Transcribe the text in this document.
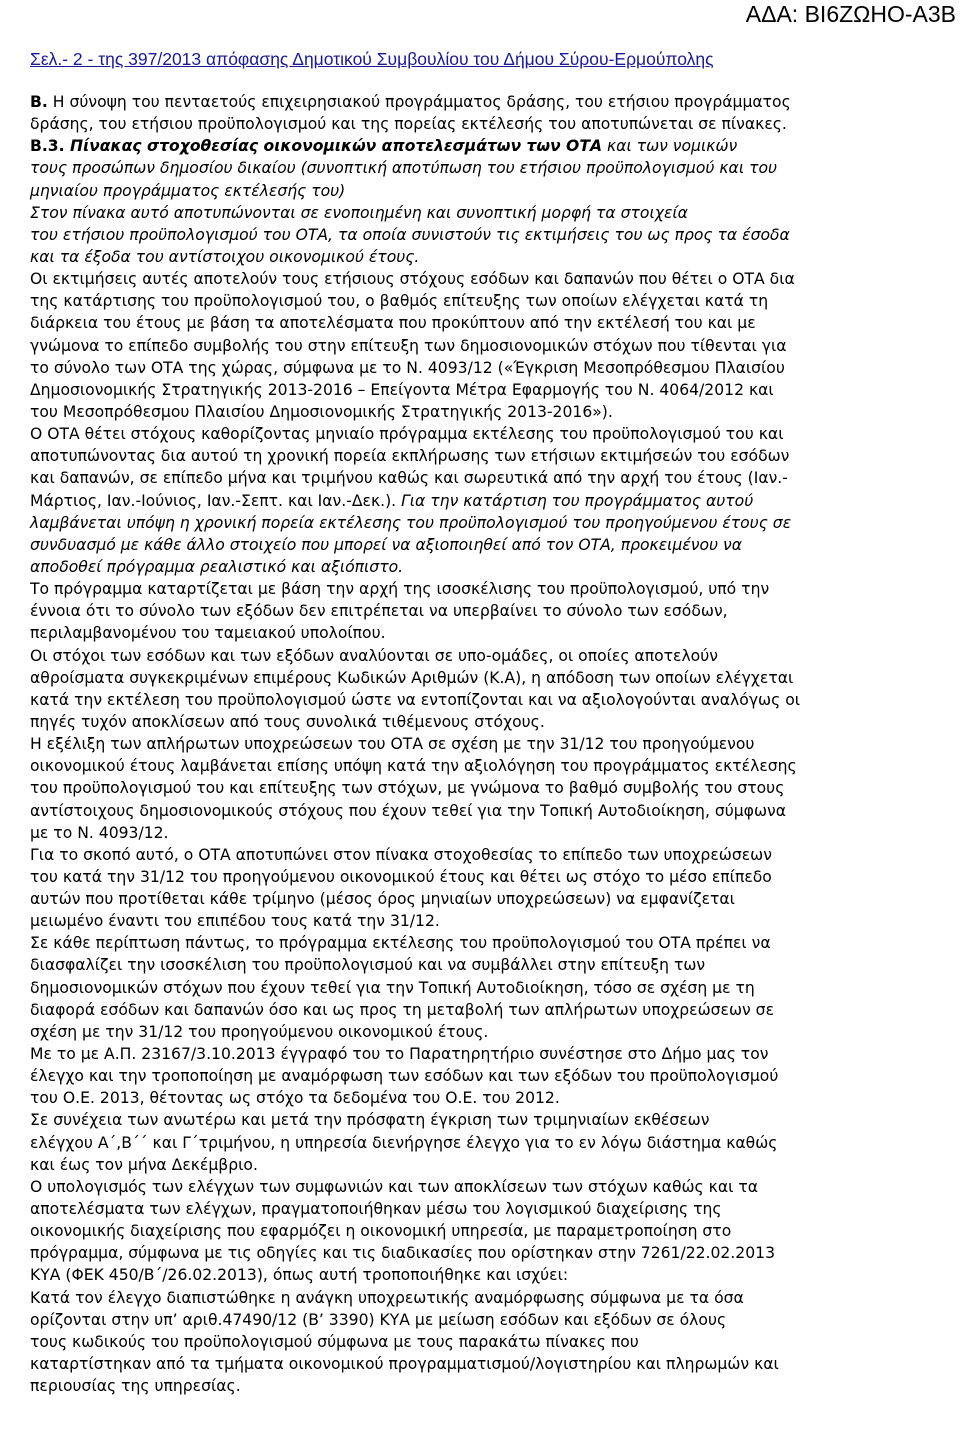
ΑΔΑ: ΒΙ6ΖΩΗΟ-Α3Β
Σελ.- 2 - της 397/2013 απόφασης Δημοτικού Συμβουλίου του Δήμου Σύρου-Ερμούπολης
Β. Η σύνοψη του πενταετούς επιχειρησιακού προγράμματος δράσης, του ετήσιου προγράμματος
δράσης, του ετήσιου προϋπολογισμού και της πορείας εκτέλεσής του αποτυπώνεται σε πίνακες.
Β.3. Πίνακας στοχοθεσίας οικονομικών αποτελεσμάτων των ΟΤΑ και των νομικών
τους προσώπων δημοσίου δικαίου (συνοπτική αποτύπωση του ετήσιου προϋπολογισμού και του
μηνιαίου προγράμματος εκτέλεσής του)
Στον πίνακα αυτό αποτυπώνονται σε ενοποιημένη και συνοπτική μορφή τα στοιχεία
του ετήσιου προϋπολογισμού του ΟΤΑ, τα οποία συνιστούν τις εκτιμήσεις του ως προς τα έσοδα
και τα έξοδα του αντίστοιχου οικονομικού έτους.
Οι εκτιμήσεις αυτές αποτελούν τους ετήσιους στόχους εσόδων και δαπανών που θέτει ο ΟΤΑ δια
της κατάρτισης του προϋπολογισμού του, ο βαθμός επίτευξης των οποίων ελέγχεται κατά τη
διάρκεια του έτους με βάση τα αποτελέσματα που προκύπτουν από την εκτέλεσή του και με
γνώμονα το επίπεδο συμβολής του στην επίτευξη των δημοσιονομικών στόχων που τίθενται για
το σύνολο των ΟΤΑ της χώρας, σύμφωνα με το Ν. 4093/12 («Έγκριση Μεσοπρόθεσμου Πλαισίου
Δημοσιονομικής Στρατηγικής 2013-2016 – Επείγοντα Μέτρα Εφαρμογής του Ν. 4064/2012 και
του Μεσοπρόθεσμου Πλαισίου Δημοσιονομικής Στρατηγικής 2013-2016»).
Ο ΟΤΑ θέτει στόχους καθορίζοντας μηνιαίο πρόγραμμα εκτέλεσης του προϋπολογισμού του και
αποτυπώνοντας δια αυτού τη χρονική πορεία εκπλήρωσης των ετήσιων εκτιμήσεών του εσόδων
και δαπανών, σε επίπεδο μήνα και τριμήνου καθώς και σωρευτικά από την αρχή του έτους (Ιαν.-
Μάρτιος, Ιαν.-Ιούνιος, Ιαν.-Σεπτ. και Ιαν.-Δεκ.). Για την κατάρτιση του προγράμματος αυτού
λαμβάνεται υπόψη η χρονική πορεία εκτέλεσης του προϋπολογισμού του προηγούμενου έτους σε
συνδυασμό με κάθε άλλο στοιχείο που μπορεί να αξιοποιηθεί από τον ΟΤΑ, προκειμένου να
αποδοθεί πρόγραμμα ρεαλιστικό και αξιόπιστο.
Το πρόγραμμα καταρτίζεται με βάση την αρχή της ισοσκέλισης του προϋπολογισμού, υπό την
έννοια ότι το σύνολο των εξόδων δεν επιτρέπεται να υπερβαίνει το σύνολο των εσόδων,
περιλαμβανομένου του ταμειακού υπολοίπου.
Οι στόχοι των εσόδων και των εξόδων αναλύονται σε υπο-ομάδες, οι οποίες αποτελούν
αθροίσματα συγκεκριμένων επιμέρους Κωδικών Αριθμών (Κ.Α), η απόδοση των οποίων ελέγχεται
κατά την εκτέλεση του προϋπολογισμού ώστε να εντοπίζονται και να αξιολογούνται αναλόγως οι
πηγές τυχόν αποκλίσεων από τους συνολικά τιθέμενους στόχους.
Η εξέλιξη των απλήρωτων υποχρεώσεων του ΟΤΑ σε σχέση με την 31/12 του προηγούμενου
οικονομικού έτους λαμβάνεται επίσης υπόψη κατά την αξιολόγηση του προγράμματος εκτέλεσης
του προϋπολογισμού του και επίτευξης των στόχων, με γνώμονα το βαθμό συμβολής του στους
αντίστοιχους δημοσιονομικούς στόχους που έχουν τεθεί για την Τοπική Αυτοδιοίκηση, σύμφωνα
με το Ν. 4093/12.
Για το σκοπό αυτό, ο ΟΤΑ αποτυπώνει στον πίνακα στοχοθεσίας το επίπεδο των υποχρεώσεων
του κατά την 31/12 του προηγούμενου οικονομικού έτους και θέτει ως στόχο το μέσο επίπεδο
αυτών που προτίθεται κάθε τρίμηνο (μέσος όρος μηνιαίων υποχρεώσεων) να εμφανίζεται
μειωμένο έναντι του επιπέδου τους κατά την 31/12.
Σε κάθε περίπτωση πάντως, το πρόγραμμα εκτέλεσης του προϋπολογισμού του ΟΤΑ πρέπει να
διασφαλίζει την ισοσκέλιση του προϋπολογισμού και να συμβάλλει στην επίτευξη των
δημοσιονομικών στόχων που έχουν τεθεί για την Τοπική Αυτοδιοίκηση, τόσο σε σχέση με τη
διαφορά εσόδων και δαπανών όσο και ως προς τη μεταβολή των απλήρωτων υποχρεώσεων σε
σχέση με την 31/12 του προηγούμενου οικονομικού έτους.
Με το με Α.Π. 23167/3.10.2013 έγγραφό του το Παρατηρητήριο συνέστησε στο Δήμο μας τον
έλεγχο και την τροποποίηση με αναμόρφωση των εσόδων και των εξόδων του προϋπολογισμού
του Ο.Ε. 2013, θέτοντας ως στόχο τα δεδομένα του Ο.Ε. του 2012.
Σε συνέχεια των ανωτέρω και μετά την πρόσφατη έγκριση των τριμηνιαίων εκθέσεων
ελέγχου Α΄,Β΄΄ και Γ΄τριμήνου, η υπηρεσία διενήργησε έλεγχο για το εν λόγω διάστημα καθώς
και έως τον μήνα Δεκέμβριο.
Ο υπολογισμός των ελέγχων των συμφωνιών και των αποκλίσεων των στόχων καθώς και τα
αποτελέσματα των ελέγχων, πραγματοποιήθηκαν μέσω του λογισμικού διαχείρισης της
οικονομικής διαχείρισης που εφαρμόζει η οικονομική υπηρεσία, με παραμετροποίηση στο
πρόγραμμα, σύμφωνα με τις οδηγίες και τις διαδικασίες που ορίστηκαν στην 7261/22.02.2013
ΚΥΑ (ΦΕΚ 450/Β΄/26.02.2013), όπως αυτή τροποποιήθηκε και ισχύει:
Κατά τον έλεγχο διαπιστώθηκε η ανάγκη υποχρεωτικής αναμόρφωσης σύμφωνα με τα όσα
ορίζονται στην υπ’ αριθ.47490/12 (Β’ 3390) ΚΥΑ με μείωση εσόδων και εξόδων σε όλους
τους κωδικούς του προϋπολογισμού σύμφωνα με τους παρακάτω πίνακες που
καταρτίστηκαν από τα τμήματα οικονομικού προγραμματισμού/λογιστηρίου και πληρωμών και
περιουσίας της υπηρεσίας.
